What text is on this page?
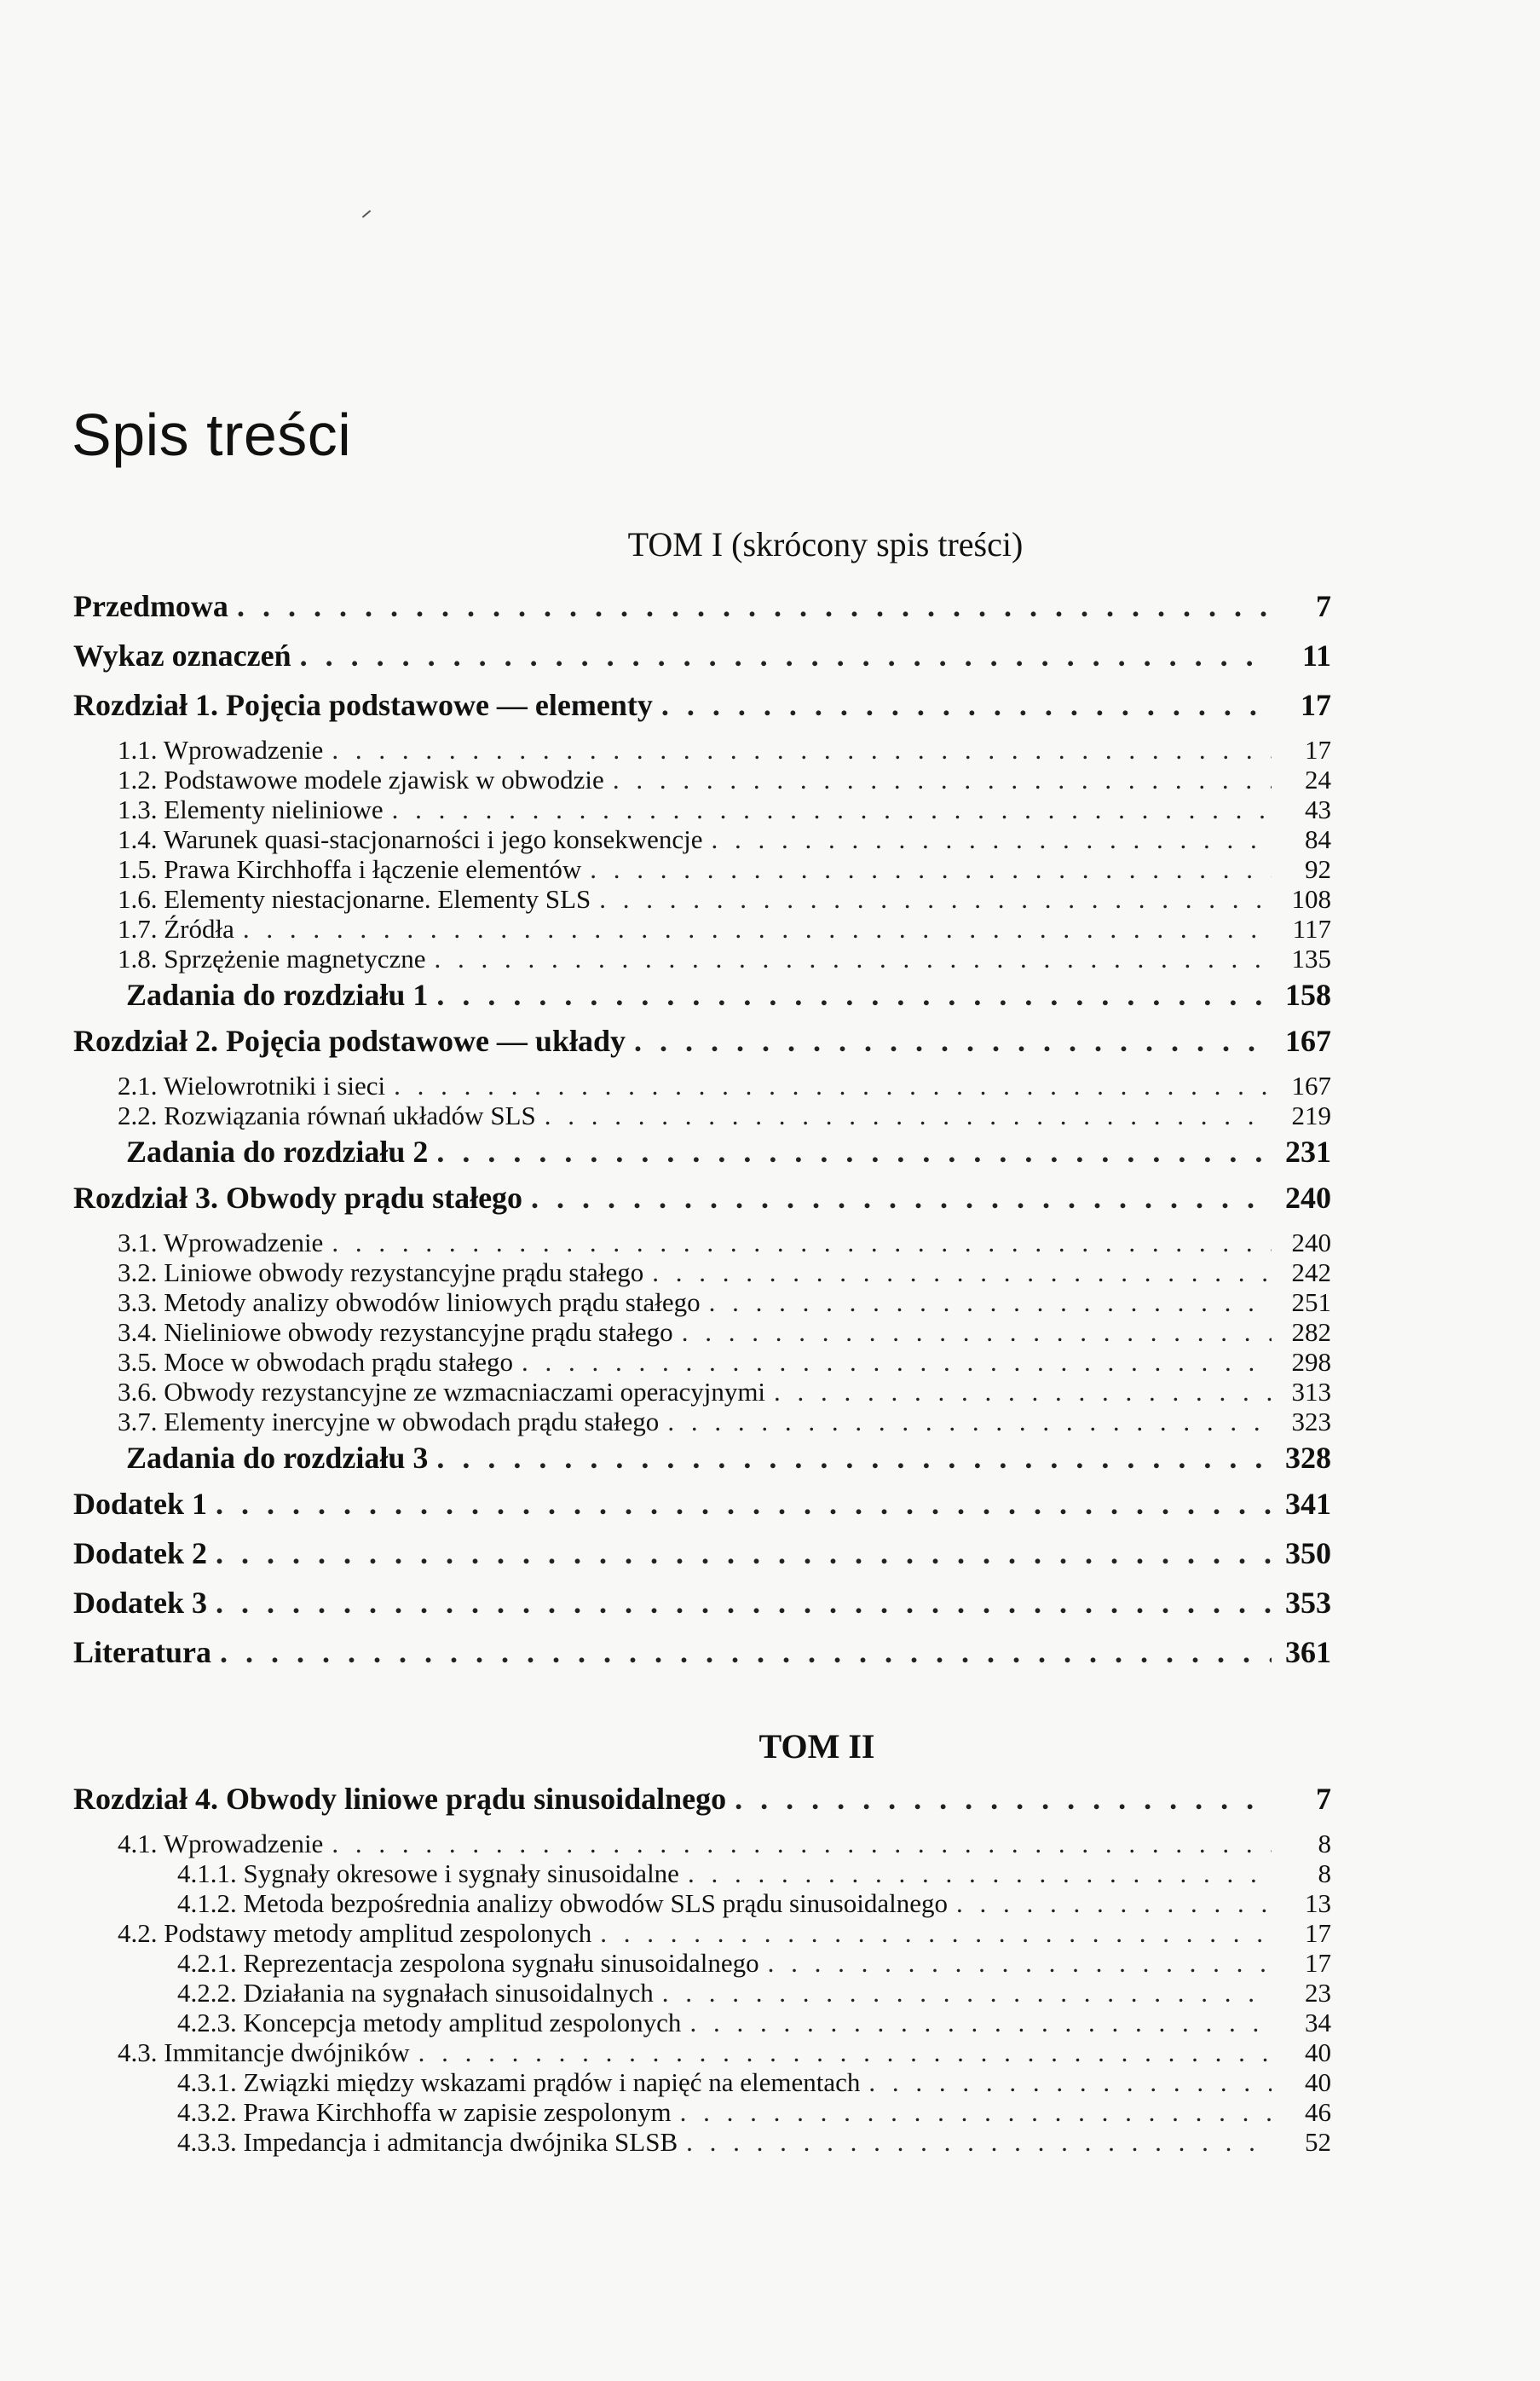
Spis treści
TOM I (skrócony spis treści)
Przedmowa . . .	7
Wykaz oznaczeń . . .	11
Rozdział 1. Pojęcia podstawowe — elementy . . .	17
1.1. Wprowadzenie . . .	17
1.2. Podstawowe modele zjawisk w obwodzie . . .	24
1.3. Elementy nieliniowe . . .	43
1.4. Warunek quasi-stacjonarności i jego konsekwencje . . .	84
1.5. Prawa Kirchhoffa i łączenie elementów . . .	92
1.6. Elementy niestacjonarne. Elementy SLS . . .	108
1.7. Źródła . . .	117
1.8. Sprzężenie magnetyczne . . .	135
Zadania do rozdziału 1 . . .	158
Rozdział 2. Pojęcia podstawowe — układy . . .	167
2.1. Wielowrotniki i sieci . . .	167
2.2. Rozwiązania równań układów SLS . . .	219
Zadania do rozdziału 2 . . .	231
Rozdział 3. Obwody prądu stałego . . .	240
3.1. Wprowadzenie . . .	240
3.2. Liniowe obwody rezystancyjne prądu stałego . . .	242
3.3. Metody analizy obwodów liniowych prądu stałego . . .	251
3.4. Nieliniowe obwody rezystancyjne prądu stałego . . .	282
3.5. Moce w obwodach prądu stałego . . .	298
3.6. Obwody rezystancyjne ze wzmacniaczami operacyjnymi . . .	313
3.7. Elementy inercyjne w obwodach prądu stałego . . .	323
Zadania do rozdziału 3 . . .	328
Dodatek 1 . . .	341
Dodatek 2 . . .	350
Dodatek 3 . . .	353
Literatura . . .	361
TOM II
Rozdział 4. Obwody liniowe prądu sinusoidalnego . . .	7
4.1. Wprowadzenie . . .	8
4.1.1. Sygnały okresowe i sygnały sinusoidalne . . .	8
4.1.2. Metoda bezpośrednia analizy obwodów SLS prądu sinusoidalnego . . .	13
4.2. Podstawy metody amplitud zespolonych . . .	17
4.2.1. Reprezentacja zespolona sygnału sinusoidalnego . . .	17
4.2.2. Działania na sygnałach sinusoidalnych . . .	23
4.2.3. Koncepcja metody amplitud zespolonych . . .	34
4.3. Immitancje dwójników . . .	40
4.3.1. Związki między wskazami prądów i napięć na elementach . . .	40
4.3.2. Prawa Kirchhoffa w zapisie zespolonym . . .	46
4.3.3. Impedancja i admitancja dwójnika SLSB . . .	52
